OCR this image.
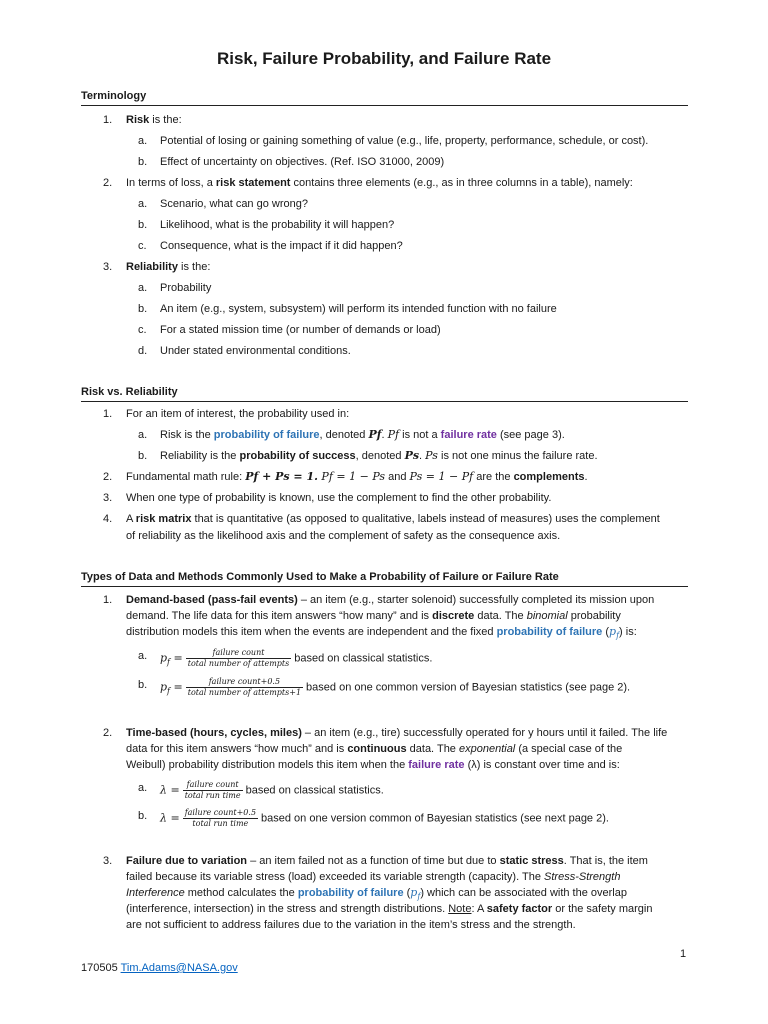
Risk, Failure Probability, and Failure Rate
Terminology
1.	Risk is the:
a. Potential of losing or gaining something of value (e.g., life, property, performance, schedule, or cost).
b. Effect of uncertainty on objectives. (Ref. ISO 31000, 2009)
2.	In terms of loss, a risk statement contains three elements (e.g., as in three columns in a table), namely:
a. Scenario, what can go wrong?
b. Likelihood, what is the probability it will happen?
c. Consequence, what is the impact if it did happen?
3.	Reliability is the:
a. Probability
b. An item (e.g., system, subsystem) will perform its intended function with no failure
c. For a stated mission time (or number of demands or load)
d. Under stated environmental conditions.
Risk vs. Reliability
1.	For an item of interest, the probability used in:
a. Risk is the probability of failure, denoted Pf. Pf is not a failure rate (see page 3).
b. Reliability is the probability of success, denoted Ps. Ps is not one minus the failure rate.
2.	Fundamental math rule: Pf + Ps = 1. Pf = 1 − Ps and Ps = 1 − Pf are the complements.
3.	When one type of probability is known, use the complement to find the other probability.
4.	A risk matrix that is quantitative (as opposed to qualitative, labels instead of measures) uses the complement
of reliability as the likelihood axis and the complement of safety as the consequence axis.
Types of Data and Methods Commonly Used to Make a Probability of Failure or Failure Rate
1.	Demand-based (pass-fail events) – an item (e.g., starter solenoid) successfully completed its mission upon
demand. The life data for this item answers “how many” and is discrete data. The binomial probability
distribution models this item when the events are independent and the fixed probability of failure $(p_f)$ is:
a. $p_f = \frac{\text{failure count}}{\text{total number of attempts}}$ based on classical statistics.
b. $p_f = \frac{\text{failure count+0.5}}{\text{total number of attempts+1}}$ based on one common version of Bayesian statistics (see page 2).
2.	Time-based (hours, cycles, miles) – an item (e.g., tire) successfully operated for y hours until it failed. The life
data for this item answers “how much” and is continuous data. The exponential (a special case of the
Weibull) probability distribution models this item when the failure rate (λ) is constant over time and is:
a. $\lambda = \frac{\text{failure count}}{\text{total run time}}$ based on classical statistics.
b. $\lambda = \frac{\text{failure count+0.5}}{\text{total run time}}$ based on one version common of Bayesian statistics (see next page 2).
3.	Failure due to variation – an item failed not as a function of time but due to static stress. That is, the item
failed because its variable stress (load) exceeded its variable strength (capacity). The Stress-Strength
Interference method calculates the probability of failure $(p_f)$ which can be associated with the overlap
(interference, intersection) in the stress and strength distributions. Note: A safety factor or the safety margin
are not sufficient to address failures due to the variation in the item’s stress and the strength.
1
170505 Tim.Adams@NASA.gov
